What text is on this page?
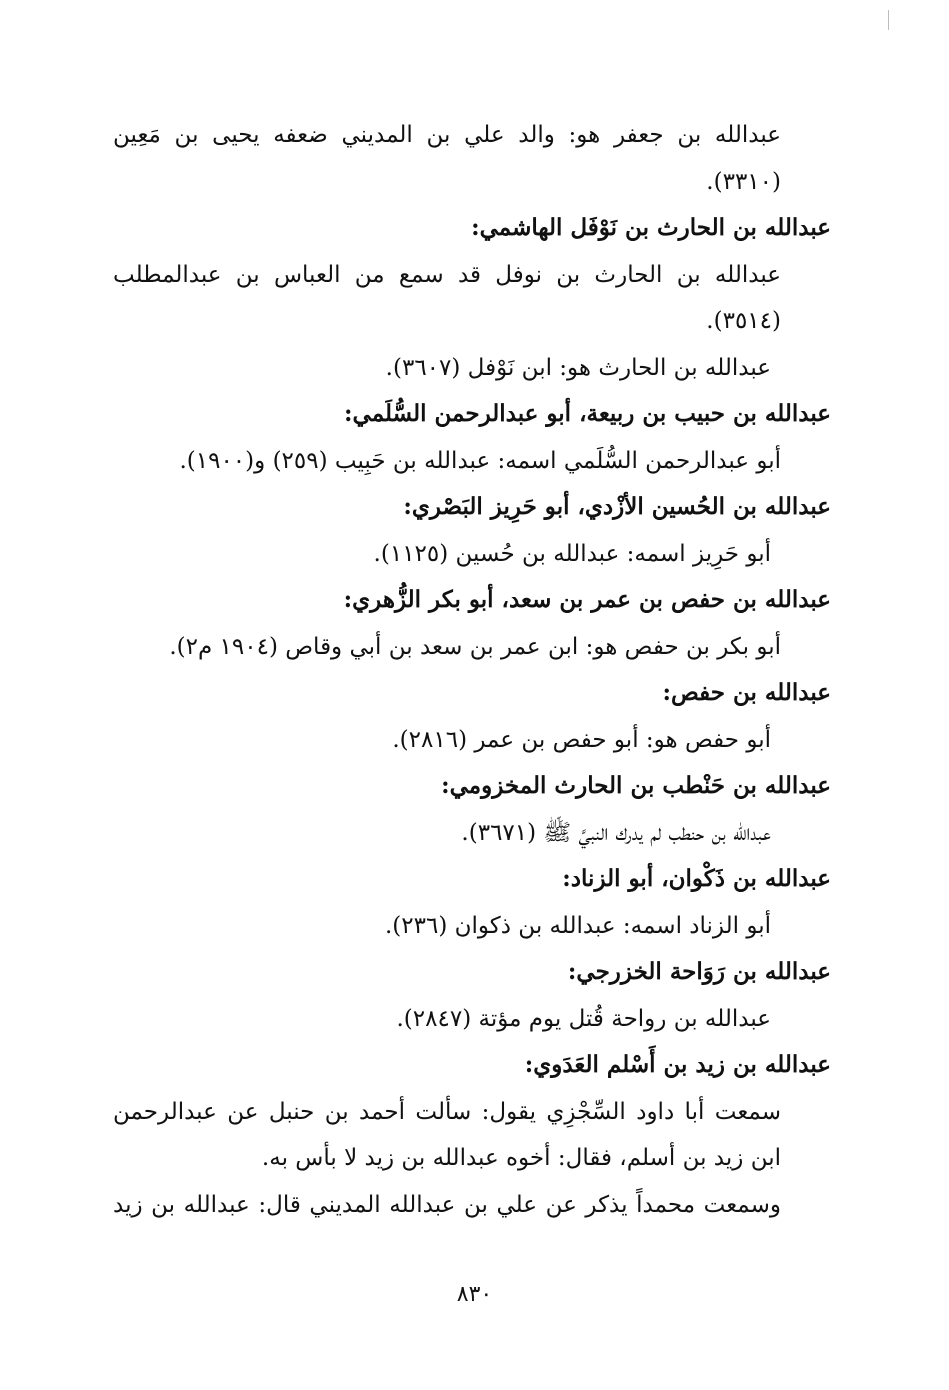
عبدالله بن جعفر هو: والد علي بن المديني ضعفه يحيى بن مَعِين
(٣٣١٠).
عبدالله بن الحارث بن نَوْفَل الهاشمي:
عبدالله بن الحارث بن نوفل قد سمع من العباس بن عبدالمطلب
(٣٥١٤).
عبدالله بن الحارث هو: ابن نَوْفل (٣٦٠٧).
عبدالله بن حبيب بن ربيعة، أبو عبدالرحمن السُّلَمي:
أبو عبدالرحمن السُّلَمي اسمه: عبدالله بن حَبِيب (٢٥٩) و(١٩٠٠).
عبدالله بن الحُسين الأزْدي، أبو حَرِيز البَصْري:
أبو حَرِيز اسمه: عبدالله بن حُسين (١١٢٥).
عبدالله بن حفص بن عمر بن سعد، أبو بكر الزُّهري:
أبو بكر بن حفص هو: ابن عمر بن سعد بن أبي وقاص (١٩٠٤ م٢).
عبدالله بن حفص:
أبو حفص هو: أبو حفص بن عمر (٢٨١٦).
عبدالله بن حَنْطب بن الحارث المخزومي:
عبدالله بن حنطب لم يدرك النبيَّ ﷺ (٣٦٧١).
عبدالله بن ذَكْوان، أبو الزناد:
أبو الزناد اسمه: عبدالله بن ذكوان (٢٣٦).
عبدالله بن رَوَاحة الخزرجي:
عبدالله بن رواحة قُتل يوم مؤتة (٢٨٤٧).
عبدالله بن زيد بن أَسْلم العَدَوي:
سمعت أبا داود السِّجْزِي يقول: سألت أحمد بن حنبل عن عبدالرحمن
ابن زيد بن أسلم، فقال: أخوه عبدالله بن زيد لا بأس به.
وسمعت محمداً يذكر عن علي بن عبدالله المديني قال: عبدالله بن زيد
٨٣٠
